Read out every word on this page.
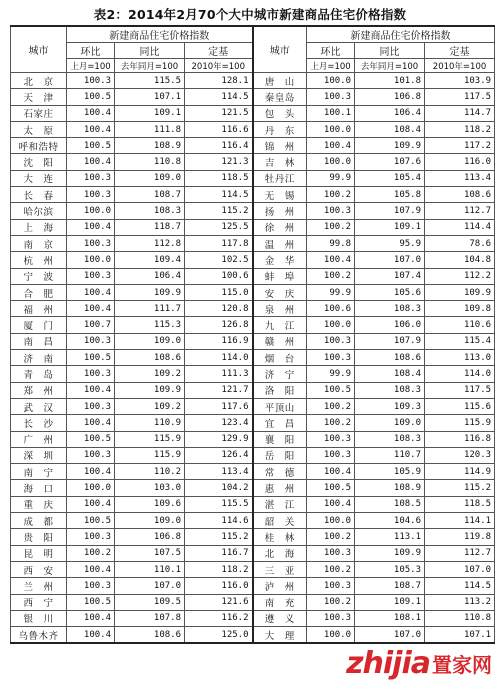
表2：2014年2月70个大中城市新建商品住宅价格指数
城市	新建商品住宅价格指数			城市	新建商品住宅价格指数		
	环比	同比	定基		环比	同比	定基
	上月=100	去年同月=100	2010年=100		上月=100	去年同月=100	2010年=100
北　京	100.3	115.5	128.1	唐　山	100.0	101.8	103.9
天　津	100.5	107.1	114.5	秦皇岛	100.3	106.8	117.5
石家庄	100.4	109.1	121.5	包　头	100.1	106.4	114.7
太　原	100.4	111.8	116.6	丹　东	100.0	108.4	118.2
呼和浩特	100.5	108.9	116.4	锦　州	100.4	109.9	117.2
沈　阳	100.4	110.8	121.3	吉　林	100.0	107.6	116.0
大　连	100.3	109.0	118.5	牡丹江	99.9	105.4	113.4
长　春	100.3	108.7	114.5	无　锡	100.2	105.8	108.6
哈尔滨	100.0	108.3	115.2	扬　州	100.3	107.9	112.7
上　海	100.4	118.7	125.5	徐　州	100.2	109.1	114.4
南　京	100.3	112.8	117.8	温　州	99.8	95.9	78.6
杭　州	100.0	109.4	102.5	金　华	100.4	107.0	104.8
宁　波	100.3	106.4	100.6	蚌　埠	100.2	107.4	112.2
合　肥	100.4	109.9	115.0	安　庆	99.9	105.6	109.9
福　州	100.4	111.7	120.8	泉　州	100.6	108.3	109.8
厦　门	100.7	115.3	126.8	九　江	100.0	106.0	110.6
南　昌	100.3	109.0	116.9	赣　州	100.3	107.9	115.4
济　南	100.5	108.6	114.0	烟　台	100.3	108.6	113.0
青　岛	100.3	109.2	111.3	济　宁	99.9	108.4	114.0
郑　州	100.4	109.9	121.7	洛　阳	100.5	108.3	117.5
武　汉	100.3	109.2	117.6	平顶山	100.2	109.3	115.6
长　沙	100.4	110.9	123.4	宜　昌	100.2	109.0	115.9
广　州	100.5	115.9	129.9	襄　阳	100.3	108.3	116.8
深　圳	100.3	115.9	126.4	岳　阳	100.3	110.7	120.3
南　宁	100.4	110.2	113.4	常　德	100.4	105.9	114.9
海　口	100.0	103.0	104.2	惠　州	100.5	108.9	115.2
重　庆	100.4	109.6	115.5	湛　江	100.4	108.5	118.5
成　都	100.5	109.0	114.6	韶　关	100.0	104.6	114.1
贵　阳	100.3	106.8	115.2	桂　林	100.2	113.1	119.8
昆　明	100.2	107.5	116.7	北　海	100.3	109.9	112.7
西　安	100.4	110.1	118.2	三　亚	100.2	105.3	107.0
兰　州	100.3	107.0	116.0	泸　州	100.3	108.7	114.5
西　宁	100.5	109.5	121.6	南　充	100.2	109.1	113.2
银　川	100.4	107.8	116.2	遵　义	100.3	108.1	110.8
乌鲁木齐	100.4	108.6	125.0	大　理	100.0	107.0	107.1
zhijia 置家网
